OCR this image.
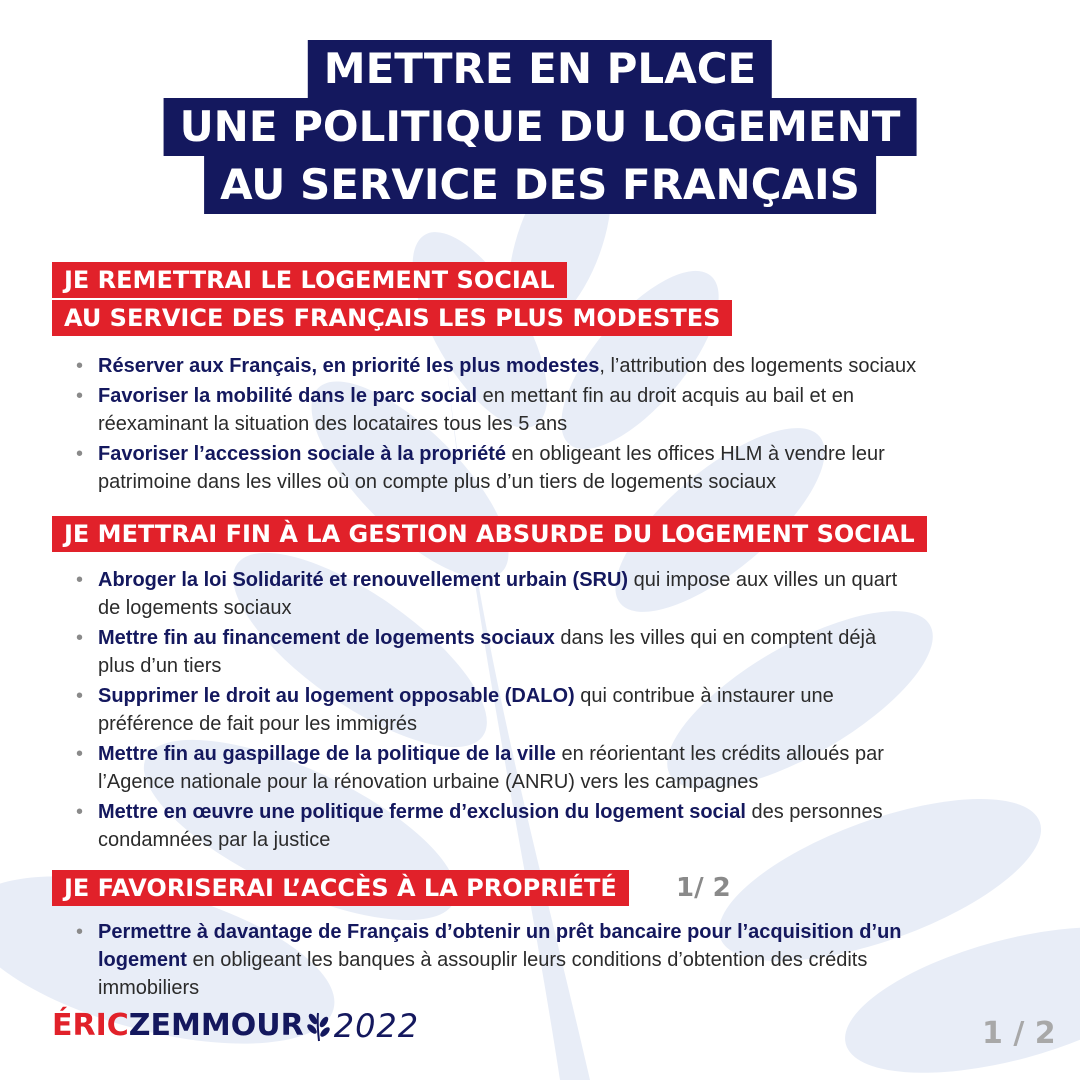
METTRE EN PLACE
UNE POLITIQUE DU LOGEMENT
AU SERVICE DES FRANÇAIS
JE REMETTRAI LE LOGEMENT SOCIAL
AU SERVICE DES FRANÇAIS LES PLUS MODESTES
• Réserver aux Français, en priorité les plus modestes, l’attribution des logements sociaux
• Favoriser la mobilité dans le parc social en mettant fin au droit acquis au bail et en
réexaminant la situation des locataires tous les 5 ans
• Favoriser l’accession sociale à la propriété en obligeant les offices HLM à vendre leur
patrimoine dans les villes où on compte plus d’un tiers de logements sociaux
JE METTRAI FIN À LA GESTION ABSURDE DU LOGEMENT SOCIAL
• Abroger la loi Solidarité et renouvellement urbain (SRU) qui impose aux villes un quart
de logements sociaux
• Mettre fin au financement de logements sociaux dans les villes qui en comptent déjà
plus d’un tiers
• Supprimer le droit au logement opposable (DALO) qui contribue à instaurer une
préférence de fait pour les immigrés
• Mettre fin au gaspillage de la politique de la ville en réorientant les crédits alloués par
l’Agence nationale pour la rénovation urbaine (ANRU) vers les campagnes
• Mettre en œuvre une politique ferme d’exclusion du logement social des personnes
condamnées par la justice
JE FAVORISERAI L’ACCÈS À LA PROPRIÉTÉ	1/ 2
• Permettre à davantage de Français d’obtenir un prêt bancaire pour l’acquisition d’un
logement en obligeant les banques à assouplir leurs conditions d’obtention des crédits
immobiliers
ÉRIC ZEMMOUR 2022	1 / 2
